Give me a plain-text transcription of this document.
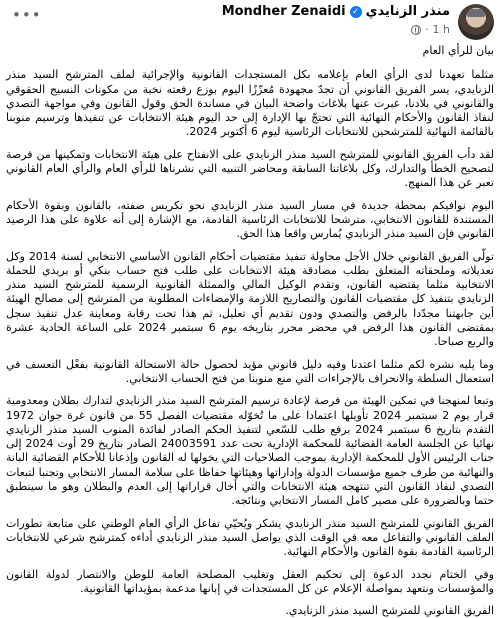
•••	Mondher Zenaidi ✓ منذر الزنايدي
· 1 h

بيان للرأي العام

مثلما تعهدنا لدى الرأي العام بإعلامه بكل المستجدات القانونية والإجرائية لملف المترشح السيد منذر الزنايدي، يسر الفريق القانوني أن تجدّ مجهودة مُعزّزًا اليوم بوزع رفعته نخبة من مكونات النسيج الحقوقي والقانوني في بلادنا، عبرت عنها بلاغات واضحة البيان في مساندة الحق وقول القانون وفي مواجهة التصدي لنفاذ القانون والأحكام النهائية التي تحتجّ بها الإدارة إلى حد اليوم هيئة الانتخابات عن تنفيذها وترسيم منوبنا بالقائمة النهائية للمترشحين للانتخابات الرئاسية ليوم 6 أكتوبر 2024.

لقد دأب الفريق القانوني للمترشح السيد منذر الزنايدي على الانفتاح على هيئة الانتخابات وتمكينها من فرصة لتصحيح الخطأ والتدارك، وكل بلاغاتنا السابقة ومحاضر التنبيه التي نشرناها للرأي العام والرأي العام القانوني تعبر عن هذا المنهج.

اليوم نوافيكم بمحطة جديدة في مسار السيد منذر الزنايدي نحو تكريس صفته، بالقانون وبقوة الأحكام المستندة للقانون الانتخابي، مترشحا للانتخابات الرئاسية القادمة، مع الإشارة إلى أنه علاوة على هذا الرصيد القانوني فإن السيد منذر الزنايدي يُمارس واقعا هذا الحق.

تولّى الفريق القانوني خلال الأجل محاولة تنفيذ مقتضيات أحكام القانون الأساسي الانتخابي لسنة 2014 وكل تعديلاته وملحقاته المتعلق بطلب مصادقة هيئة الانتخابات على طلب فتح حساب بنكي أو بريدي للحملة الانتخابية مثلما يقتضيه القانون، وتقدم الوكيل المالي والممثلة القانونية الرسمية للمترشح السيد منذر الزنايدي بتنفيذ كل مقتضيات القانون والتصاريح اللازمة والإمضاءات المطلوبة من المترشح إلى مصالح الهيئة أين جابهتنا مجدّدا بالرفض والتصدي ودون تقديم أي تعليل، ثم هذا تحت رقابة ومعاينة عدل تنفيذ سجل بمقتضى القانون هذا الرفض في محضر محرر بتاريخه يوم 6 سبتمبر 2024 على الساعة الحادية عشرة والربع صباحا.

وما يليه نشره لكم مثلما اعتدنا وفيه دليل قانوني مؤيد لحصول حالة الاستحالة القانونية بفعْل التعسف في استعمال السلطة والانحراف بالإجراءات التي منع منوبنا من فتح الحساب الانتخابي.

وتبعا لمنهجنا في تمكين الهيئة من فرصة لإعادة ترسيم المترشح السيد منذر الزنايدي لتدارك بطلان ومعدومية قرار يوم 2 سبتمبر 2024 تأويلها اعتمادا على ما تُخوّله مقتضيات الفصل 55 من قانون غرة جوان 1972 التقدم بتاريخ 6 سبتمبر 2024 برفع طلب للسّعي لتنفيذ الحكم الصادر لفائدة المنوب السيد منذر الزنايدي نهائيا عن الجلسة العامة القضائية للمحكمة الإدارية تحت عدد 24003591 الصادر بتاريخ 29 أوت 2024 إلى جناب الرئيس الأول للمحكمة الإدارية بموجب الصلاحيات التي يخولها له القانون وإذعانا للأحكام القضائية البانة والنهائية من طرف جميع مؤسسات الدولة وإداراتها وهيئاتها حفاظا على سلامة المسار الانتخابي وتجنبا لتبعات التصدي لنفاذ القانون التي تنتهجه هيئة الانتخابات والتي أخال قراراتها إلى العدم والبطلان وهو ما سينطبق حتما وبالضرورة على مصير كامل المسار الانتخابي ونتائجه.

الفريق القانوني للمترشح السيد منذر الزنايدي يشكر ويُحيّي تفاعل الرأي العام الوطني على متابعة تطورات الملف القانوني والتفاعل معه في الوقت الذي يواصل السيد منذر الزنايدي أداءه كمترشح شرعي للانتخابات الرئاسية القادمة بقوة القانون والأحكام النهائية.

وفي الختام نجدد الدعوة إلى تحكيم العقل وتغليب المصلحة العامة للوطن والانتصار لدولة القانون والمؤسسات ونتعهد بمواصلة الإعلام عن كل المستجدات في إبانها مدعمة بمؤيداتها القانونية.

الفريق القانوني للمترشح السيد منذر الزنايدي.
